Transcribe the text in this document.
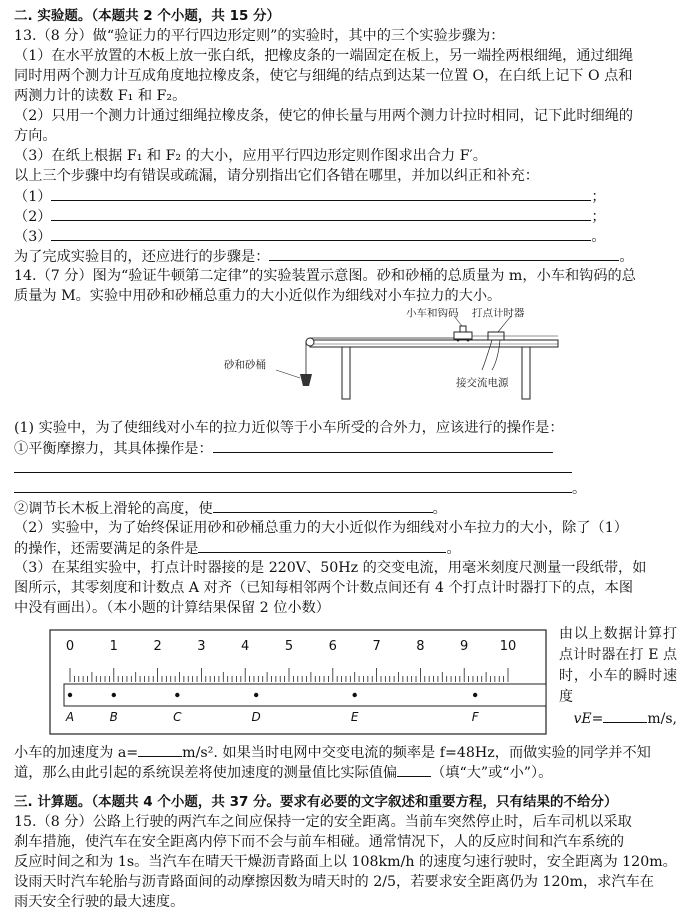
二. 实验题。（本题共 2 个小题，共 15 分）
13.（8 分）做“验证力的平行四边形定则”的实验时，其中的三个实验步骤为：
（1）在水平放置的木板上放一张白纸，把橡皮条的一端固定在板上，另一端拴两根细绳，通过细绳
同时用两个测力计互成角度地拉橡皮条，使它与细绳的结点到达某一位置 O，在白纸上记下 O 点和
两测力计的读数 F₁ 和 F₂。
（2）只用一个测力计通过细绳拉橡皮条，使它的伸长量与用两个测力计拉时相同，记下此时细绳的
方向。
（3）在纸上根据 F₁ 和 F₂ 的大小，应用平行四边形定则作图求出合力 F′。
以上三个步骤中均有错误或疏漏，请分别指出它们各错在哪里，并加以纠正和补充：
（1）	；
（2）	；
（3）	。
为了完成实验目的，还应进行的步骤是：	。
14.（7 分）图为“验证牛顿第二定律”的实验装置示意图。砂和砂桶的总质量为 m，小车和钩码的总
质量为 M。实验中用砂和砂桶总重力的大小近似作为细线对小车拉力的大小。
小车和钩码 打点计时器
砂和砂桶
接交流电源
(1) 实验中，为了使细线对小车的拉力近似等于小车所受的合外力，应该进行的操作是：
①平衡摩擦力，其具体操作是：
。
②调节长木板上滑轮的高度，使	。
（2）实验中，为了始终保证用砂和砂桶总重力的大小近似作为细线对小车拉力的大小，除了（1）
的操作，还需要满足的条件是	。
（3）在某组实验中，打点计时器接的是 220V、50Hz 的交变电流，用毫米刻度尺测量一段纸带，如
图所示，其零刻度和计数点 A 对齐（已知每相邻两个计数点间还有 4 个打点计时器打下的点，本图
中没有画出）。（本小题的计算结果保留 2 位小数）
0	1	2	3	4	5	6	7	8	9 10
A	B	C	D	E	F
由以上数据计算打点计时器在打 E 点时，小车的瞬时速度
vE=	m/s,
小车的加速度为 a=	m/s². 如果当时电网中交变电流的频率是 f=48Hz，而做实验的同学并不知
道，那么由此引起的系统误差将使加速度的测量值比实际值偏 （填“大”或“小”）。
三. 计算题。（本题共 4 个小题，共 37 分。要求有必要的文字叙述和重要方程，只有结果的不给分）
15.（8 分）公路上行驶的两汽车之间应保持一定的安全距离。当前车突然停止时，后车司机以采取
刹车措施，使汽车在安全距离内停下而不会与前车相碰。通常情况下，人的反应时间和汽车系统的
反应时间之和为 1s。当汽车在晴天干燥沥青路面上以 108km/h 的速度匀速行驶时，安全距离为 120m。
设雨天时汽车轮胎与沥青路面间的动摩擦因数为晴天时的 2/5，若要求安全距离仍为 120m，求汽车在
雨天安全行驶的最大速度。
